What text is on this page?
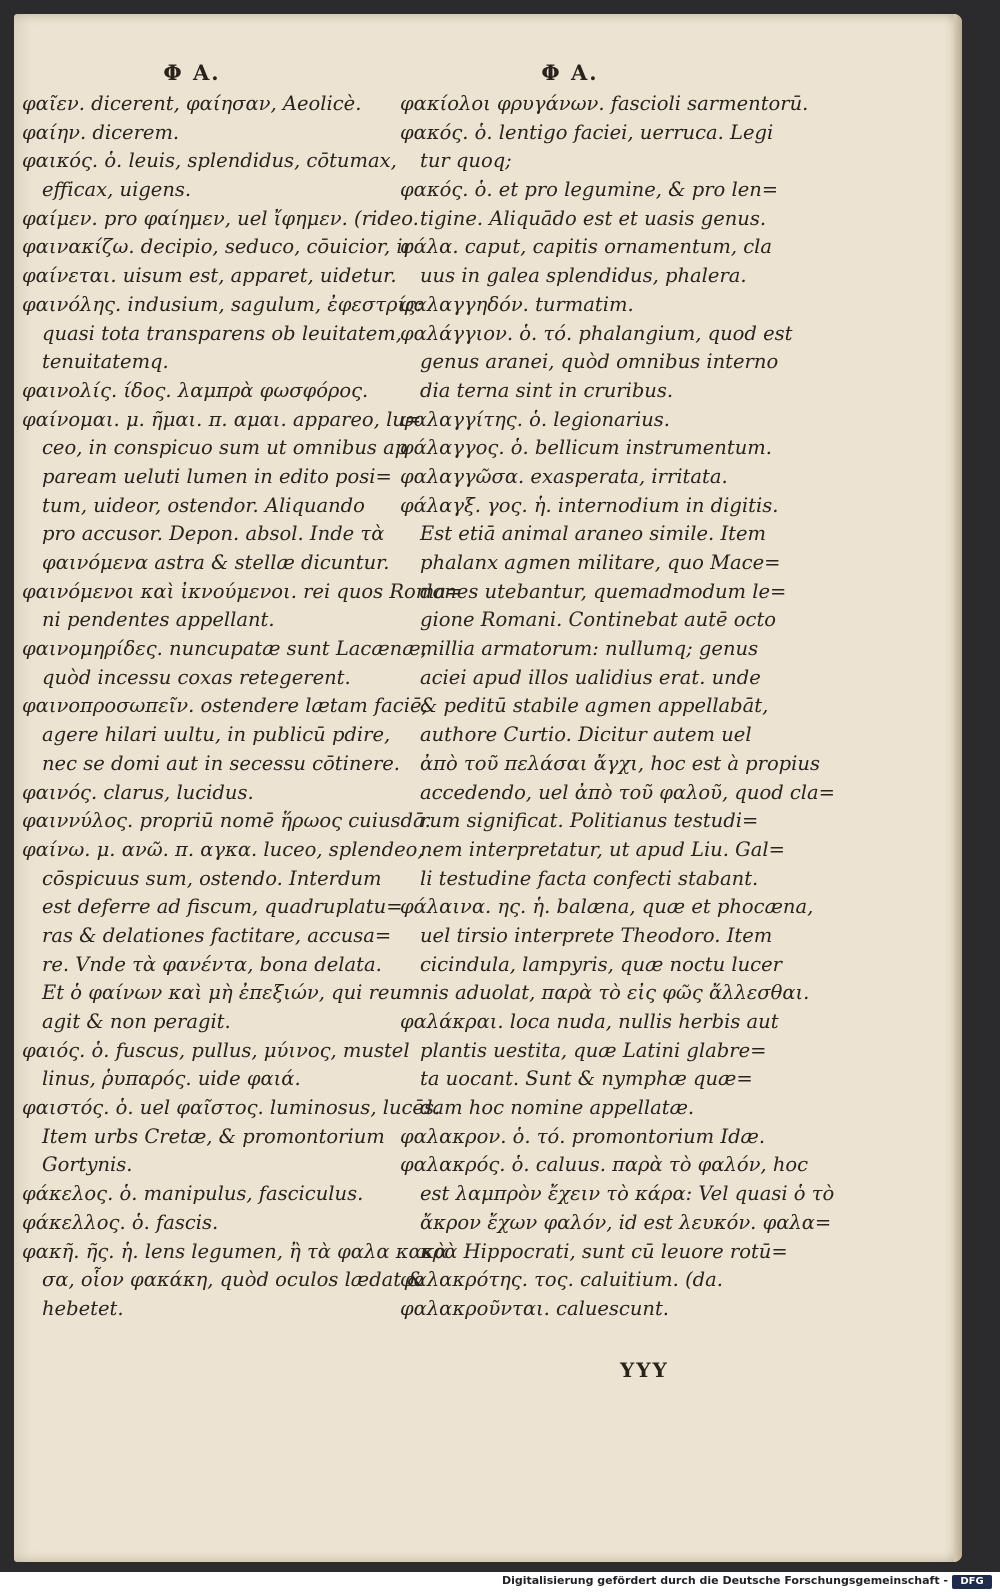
Φ Α.
φαῖεν. dicerent, φαίησαν, Aeolicè.
φαίην. dicerem.
φαικός. ὁ. leuis, splendidus, cōtumax,
efficax, uigens.
φαίμεν. pro φαίημεν, uel ἴφημεν. (rideo.
φαινακίζω. decipio, seduco, cōuicior, ir
φαίνεται. uisum est, apparet, uidetur.
φαινόλης. indusium, sagulum, ἐφεστρίς:
quasi tota transparens ob leuitatem,
tenuitatemq.
φαινολίς. ίδος. λαμπρὰ φωσφόρος.
φαίνομαι. μ. ῆμαι. π. αμαι. appareo, lu=
ceo, in conspicuo sum ut omnibus ap
paream ueluti lumen in edito posi=
tum, uideor, ostendor. Aliquando
pro accusor. Depon. absol. Inde τὰ
φαινόμενα astra & stellæ dicuntur.
φαινόμενοι καὶ ἰκνούμενοι. rei quos Roma=
ni pendentes appellant.
φαινομηρίδες. nuncupatæ sunt Lacænæ,
quòd incessu coxas retegerent.
φαινοπροσωπεῖν. ostendere lætam faciē,
agere hilari uultu, in publicū pdire,
nec se domi aut in secessu cōtinere.
φαινός. clarus, lucidus.
φαιννύλος. propriū nomē ἥρωος cuiusdā.
φαίνω. μ. ανῶ. π. αγκα. luceo, splendeo,
cōspicuus sum, ostendo. Interdum
est deferre ad fiscum, quadruplatu=
ras & delationes factitare, accusa=
re. Vnde τὰ φανέντα, bona delata.
Et ὁ φαίνων καὶ μὴ ἐπεξιών, qui reum
agit & non peragit.
φαιός. ὁ. fuscus, pullus, μύινος, mustel
linus, ῥυπαρός. uide φαιά.
φαιστός. ὁ. uel φαῖστος. luminosus, lucēs.
Item urbs Cretæ, & promontorium
Gortynis.
φάκελος. ὁ. manipulus, fasciculus.
φάκελλος. ὁ. fascis.
φακῆ. ῆς. ἡ. lens legumen, ἢ τὰ φαλα κακὰ
σα, οἷον φακάκη, quòd oculos lædat &
hebetet.
Φ Α.
φακίολοι φρυγάνων. fascioli sarmentorū.
φακός. ὁ. lentigo faciei, uerruca. Legi
tur quoq;
φακός. ὁ. et pro legumine, & pro len=
tigine. Aliquādo est et uasis genus.
φάλα. caput, capitis ornamentum, cla
uus in galea splendidus, phalera.
φαλαγγηδόν. turmatim.
φαλάγγιον. ὁ. τό. phalangium, quod est
genus aranei, quòd omnibus interno
dia terna sint in cruribus.
φαλαγγίτης. ὁ. legionarius.
φάλαγγος. ὁ. bellicum instrumentum.
φαλαγγῶσα. exasperata, irritata.
φάλαγξ. γος. ἡ. internodium in digitis.
Est etiā animal araneo simile. Item
phalanx agmen militare, quo Mace=
dones utebantur, quemadmodum le=
gione Romani. Continebat autē octo
millia armatorum: nullumq; genus
aciei apud illos ualidius erat. unde
& peditū stabile agmen appellabāt,
authore Curtio. Dicitur autem uel
ἀπὸ τοῦ πελάσαι ἄγχι, hoc est à propius
accedendo, uel ἀπὸ τοῦ φαλοῦ, quod cla=
rum significat. Politianus testudi=
nem interpretatur, ut apud Liu. Gal=
li testudine facta confecti stabant.
φάλαινα. ης. ἡ. balæna, quæ et phocæna,
uel tirsio interprete Theodoro. Item
cicindula, lampyris, quæ noctu lucer
nis aduolat, παρὰ τὸ εἰς φῶς ἄλλεσθαι.
φαλάκραι. loca nuda, nullis herbis aut
plantis uestita, quæ Latini glabre=
ta uocant. Sunt & nymphæ quæ=
dam hoc nomine appellatæ.
φαλακρον. ὁ. τό. promontorium Idæ.
φαλακρός. ὁ. caluus. παρὰ τὸ φαλόν, hoc
est λαμπρὸν ἔχειν τὸ κάρα: Vel quasi ὁ τὸ
ἄκρον ἔχων φαλόν, id est λευκόν. φαλα=
κρὰ Hippocrati, sunt cū leuore rotū=
φαλακρότης. τος. caluitium. (da.
φαλακροῦνται. caluescunt.
YYY
Digitalisierung gefördert durch die Deutsche Forschungsgemeinschaft -	DFG
